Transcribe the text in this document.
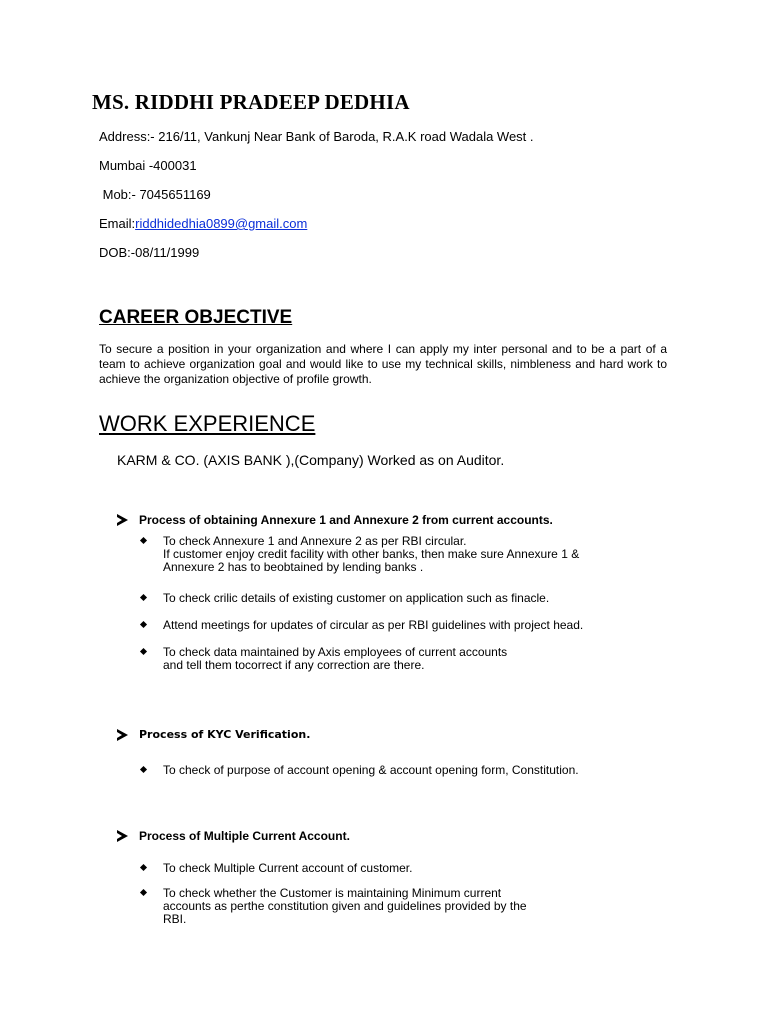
MS. RIDDHI PRADEEP DEDHIA
Address:- 216/11, Vankunj Near Bank of Baroda, R.A.K road Wadala West .
Mumbai -400031
Mob:- 7045651169
Email:riddhidedhia0899@gmail.com
DOB:-08/11/1999
CAREER OBJECTIVE
To secure a position in your organization and where I can apply my inter personal and to be a part of a team to achieve organization goal and would like to use my technical skills, nimbleness and hard work to achieve the organization objective of profile growth.
WORK EXPERIENCE
KARM & CO. (AXIS BANK ),(Company) Worked as on Auditor.
Process of obtaining Annexure 1 and Annexure 2 from current accounts.
To check Annexure 1 and Annexure 2 as per RBI circular.
If customer enjoy credit facility with other banks, then make sure Annexure 1 &
Annexure 2 has to beobtained by lending banks .
To check crilic details of existing customer on application such as finacle.
Attend meetings for updates of circular as per RBI guidelines with project head.
To check data maintained by Axis employees of current accounts
and tell them tocorrect if any correction are there.
Process of KYC Verification.
To check of purpose of account opening & account opening form, Constitution.
Process of Multiple Current Account.
To check Multiple Current account of customer.
To check whether the Customer is maintaining Minimum current
accounts as perthe constitution given and guidelines provided by the
RBI.
